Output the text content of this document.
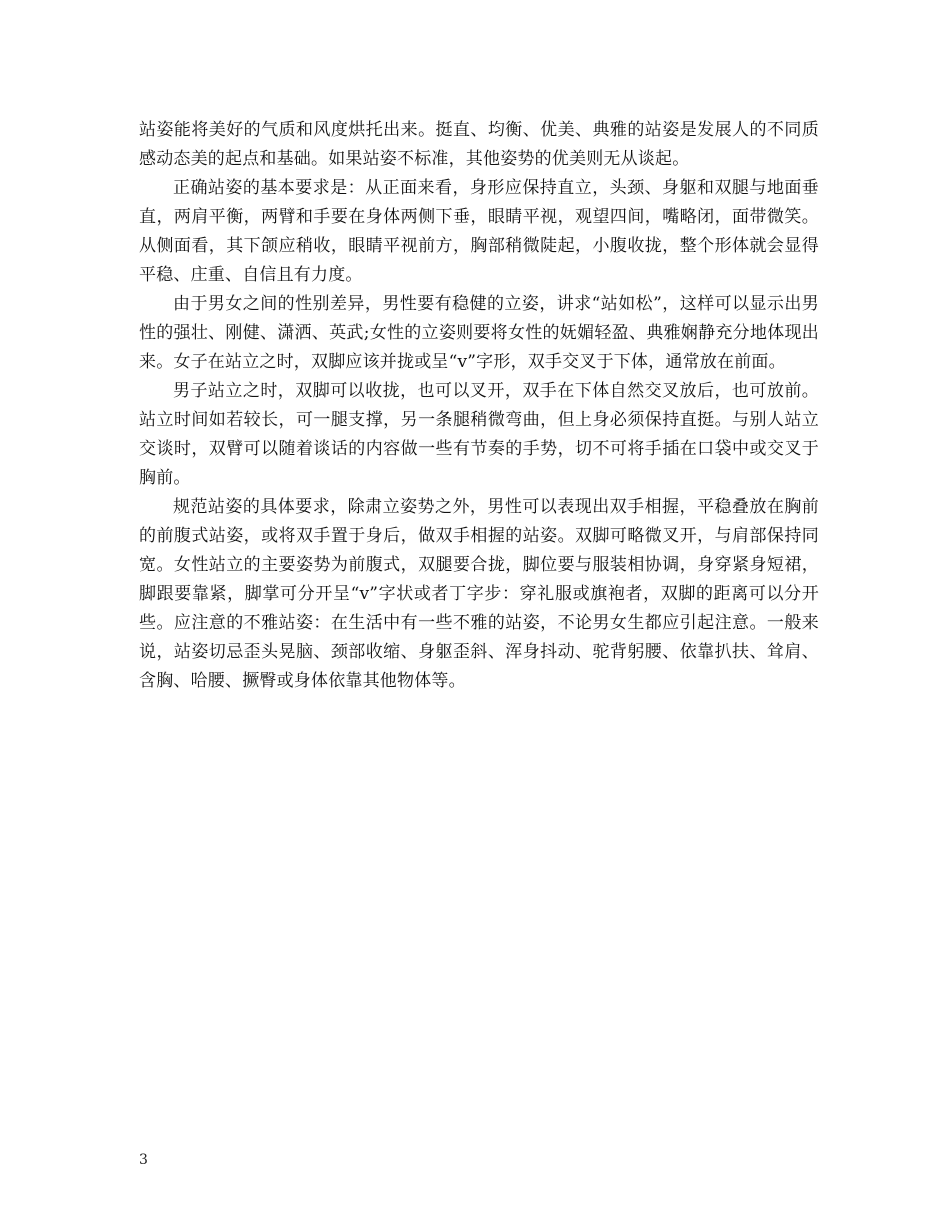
站姿能将美好的气质和风度烘托出来。挺直、均衡、优美、典雅的站姿是发展人的不同质感动态美的起点和基础。如果站姿不标准，其他姿势的优美则无从谈起。

正确站姿的基本要求是：从正面来看，身形应保持直立，头颈、身躯和双腿与地面垂直，两肩平衡，两臂和手要在身体两侧下垂，眼睛平视，观望四间，嘴略闭，面带微笑。从侧面看，其下颌应稍收，眼睛平视前方，胸部稍微陡起，小腹收拢，整个形体就会显得平稳、庄重、自信且有力度。

由于男女之间的性别差异，男性要有稳健的立姿，讲求“站如松”，这样可以显示出男性的强壮、刚健、潇洒、英武;女性的立姿则要将女性的妩媚轻盈、典雅娴静充分地体现出来。女子在站立之时，双脚应该并拢或呈“v”字形，双手交叉于下体，通常放在前面。

男子站立之时，双脚可以收拢，也可以叉开，双手在下体自然交叉放后，也可放前。站立时间如若较长，可一腿支撑，另一条腿稍微弯曲，但上身必须保持直挺。与别人站立交谈时，双臂可以随着谈话的内容做一些有节奏的手势，切不可将手插在口袋中或交叉于胸前。

规范站姿的具体要求，除肃立姿势之外，男性可以表现出双手相握，平稳叠放在胸前的前腹式站姿，或将双手置于身后，做双手相握的站姿。双脚可略微叉开，与肩部保持同宽。女性站立的主要姿势为前腹式，双腿要合拢，脚位要与服装相协调，身穿紧身短裙，脚跟要靠紧，脚掌可分开呈“v”字状或者丁字步：穿礼服或旗袍者，双脚的距离可以分开些。应注意的不雅站姿：在生活中有一些不雅的站姿，不论男女生都应引起注意。一般来说，站姿切忌歪头晃脑、颈部收缩、身躯歪斜、浑身抖动、驼背躬腰、依靠扒扶、耸肩、含胸、哈腰、撅臀或身体依靠其他物体等。

3
